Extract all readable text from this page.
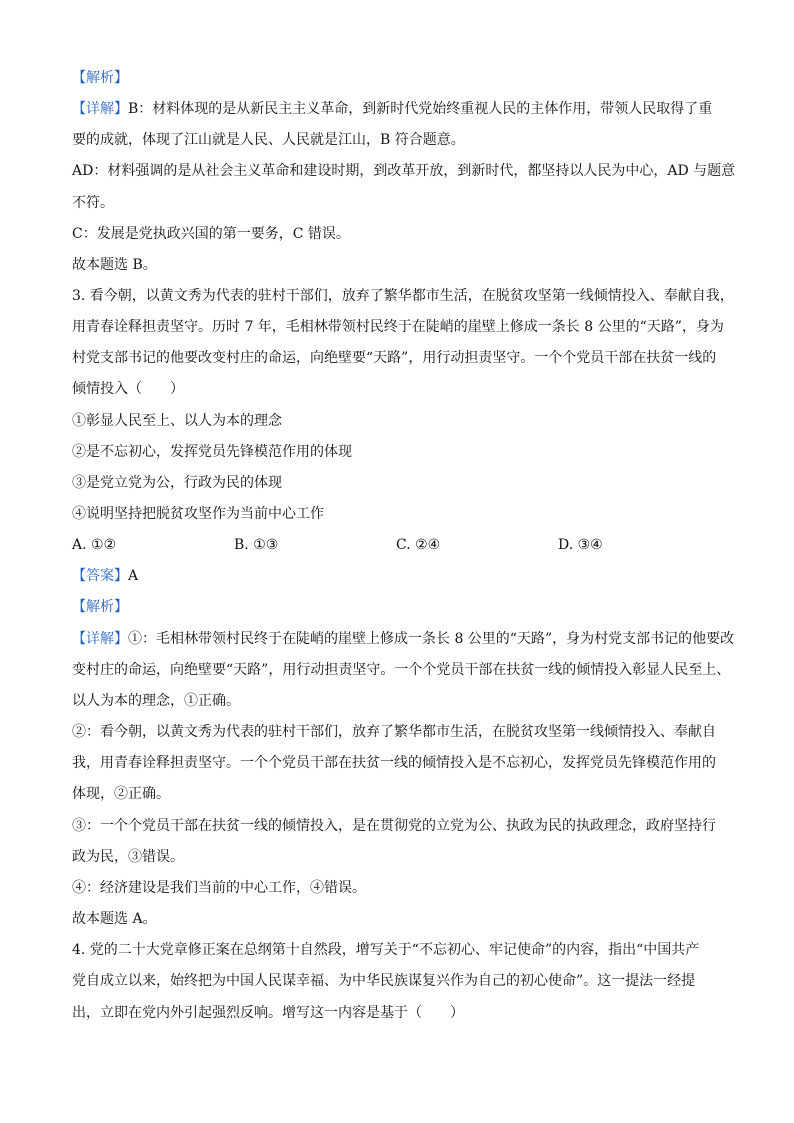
【解析】
【详解】B：材料体现的是从新民主主义革命，到新时代党始终重视人民的主体作用，带领人民取得了重
要的成就，体现了江山就是人民、人民就是江山，B 符合题意。
AD：材料强调的是从社会主义革命和建设时期，到改革开放，到新时代，都坚持以人民为中心，AD 与题意
不符。
C：发展是党执政兴国的第一要务，C 错误。
故本题选 B。
3. 看今朝，以黄文秀为代表的驻村干部们，放弃了繁华都市生活，在脱贫攻坚第一线倾情投入、奉献自我，
用青春诠释担责坚守。历时 7 年，毛相林带领村民终于在陡峭的崖壁上修成一条长 8 公里的“天路”，身为
村党支部书记的他要改变村庄的命运，向绝壁要“天路”，用行动担责坚守。一个个党员干部在扶贫一线的
倾情投入（　　）
①彰显人民至上、以人为本的理念
②是不忘初心，发挥党员先锋模范作用的体现
③是党立党为公，行政为民的体现
④说明坚持把脱贫攻坚作为当前中心工作
A. ①②	B. ①③	C. ②④	D. ③④
【答案】A
【解析】
【详解】①：毛相林带领村民终于在陡峭的崖壁上修成一条长 8 公里的“天路”，身为村党支部书记的他要改
变村庄的命运，向绝壁要“天路”，用行动担责坚守。一个个党员干部在扶贫一线的倾情投入彰显人民至上、
以人为本的理念，①正确。
②：看今朝，以黄文秀为代表的驻村干部们，放弃了繁华都市生活，在脱贫攻坚第一线倾情投入、奉献自
我，用青春诠释担责坚守。一个个党员干部在扶贫一线的倾情投入是不忘初心，发挥党员先锋模范作用的
体现，②正确。
③：一个个党员干部在扶贫一线的倾情投入，是在贯彻党的立党为公、执政为民的执政理念，政府坚持行
政为民，③错误。
④：经济建设是我们当前的中心工作，④错误。
故本题选 A。
4. 党的二十大党章修正案在总纲第十自然段，增写关于“不忘初心、牢记使命”的内容，指出“中国共产
党自成立以来，始终把为中国人民谋幸福、为中华民族谋复兴作为自己的初心使命”。这一提法一经提
出，立即在党内外引起强烈反响。增写这一内容是基于（　　）
